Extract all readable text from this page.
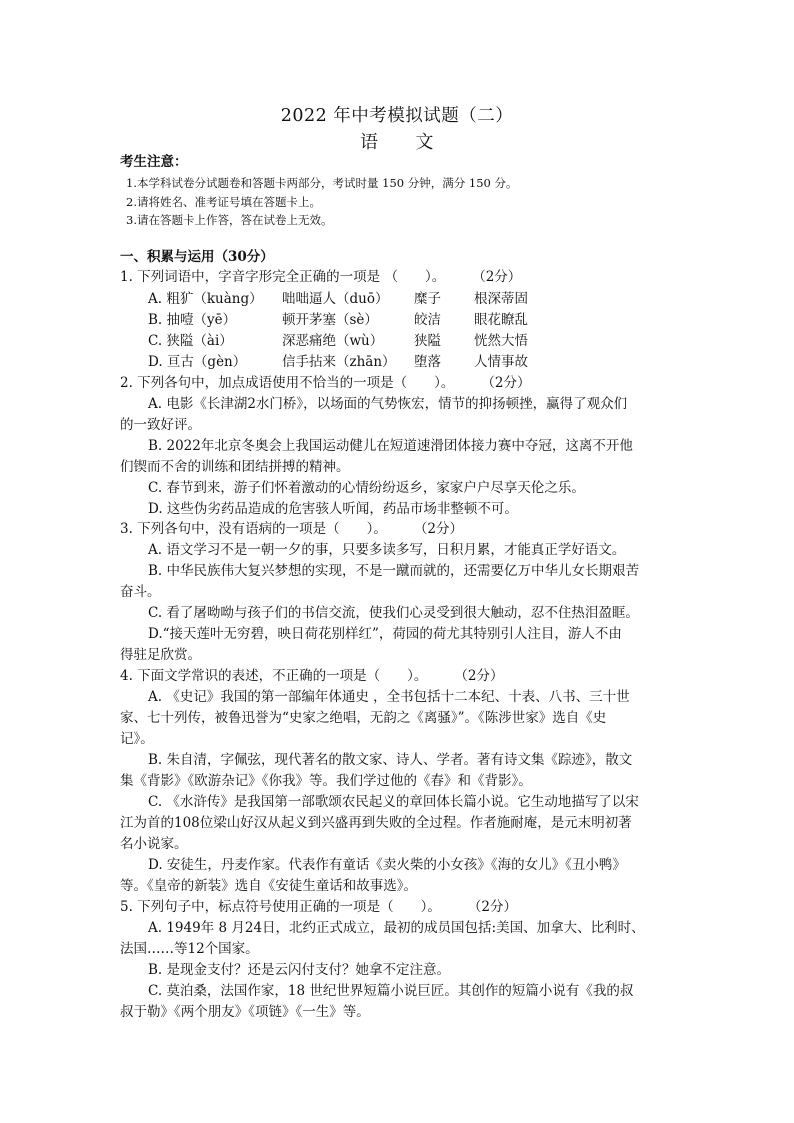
2022 年中考模拟试题（二）
语　　文
考生注意：
1.本学科试卷分试题卷和答题卡两部分，考试时量 150 分钟，满分 150 分。
2.请将姓名、准考证号填在答题卡上。
3.请在答题卡上作答，答在试卷上无效。
一、积累与运用（30分）
1. 下列词语中，字音字形完全正确的一项是 （　　）。　　　（2分）
A. 粗犷（kuàng） 咄咄逼人（duō） 糜子 根深蒂固
B. 抽噎（yē）	顿开茅塞（sè）	皎洁 眼花瞭乱
C. 狭隘（ài）	深恶痛绝（wù） 狭隘 恍然大悟
D. 亘古（gèn）	信手拈来（zhān） 堕落 人情事故
2. 下列各句中，加点成语使用不恰当的一项是（　　）。　　　（2分）
A. 电影《长津湖2水门桥》，以场面的气势恢宏，情节的抑扬顿挫，赢得了观众们
的一致好评。
B. 2022年北京冬奥会上我国运动健儿在短道速滑团体接力赛中夺冠，这离不开他
们锲而不舍的训练和团结拼搏的精神。
C. 春节到来，游子们怀着激动的心情纷纷返乡，家家户户尽享天伦之乐。
D. 这些伪劣药品造成的危害骇人听闻，药品市场非整顿不可。
3. 下列各句中，没有语病的一项是（　　）。　　　（2分）
A. 语文学习不是一朝一夕的事，只要多读多写，日积月累，才能真正学好语文。
B. 中华民族伟大复兴梦想的实现，不是一蹴而就的，还需要亿万中华儿女长期艰苦
奋斗。
C. 看了屠呦呦与孩子们的书信交流，使我们心灵受到很大触动，忍不住热泪盈眶。
D.“接天莲叶无穷碧，映日荷花别样红”，荷园的荷尤其特别引人注目，游人不由
得驻足欣赏。
4. 下面文学常识的表述，不正确的一项是（　　）。　　　（2分）
A. 《史记》我国的第一部编年体通史 ，全书包括十二本纪、十表、八书、三十世
家、七十列传，被鲁迅誉为“史家之绝唱，无韵之《离骚》”。《陈涉世家》选自《史
记》。
B. 朱自清，字佩弦，现代著名的散文家、诗人、学者。著有诗文集《踪迹》，散文
集《背影》《欧游杂记》《你我》等。我们学过他的《春》和《背影》。
C. 《水浒传》是我国第一部歌颂农民起义的章回体长篇小说。它生动地描写了以宋
江为首的108位梁山好汉从起义到兴盛再到失败的全过程。作者施耐庵，是元末明初著
名小说家。
D. 安徒生，丹麦作家。代表作有童话《卖火柴的小女孩》《海的女儿》《丑小鸭》
等。《皇帝的新装》选自《安徒生童话和故事选》。
5. 下列句子中，标点符号使用正确的一项是（　　）。　　　（2分）
A. 1949年 8 月24日，北约正式成立，最初的成员国包括:美国、加拿大、比利时、
法国……等12个国家。
B. 是现金支付？还是云闪付支付？她拿不定注意。
C. 莫泊桑，法国作家，18 世纪世界短篇小说巨匠。其创作的短篇小说有《我的叔
叔于勒》《两个朋友》《项链》《一生》等。
